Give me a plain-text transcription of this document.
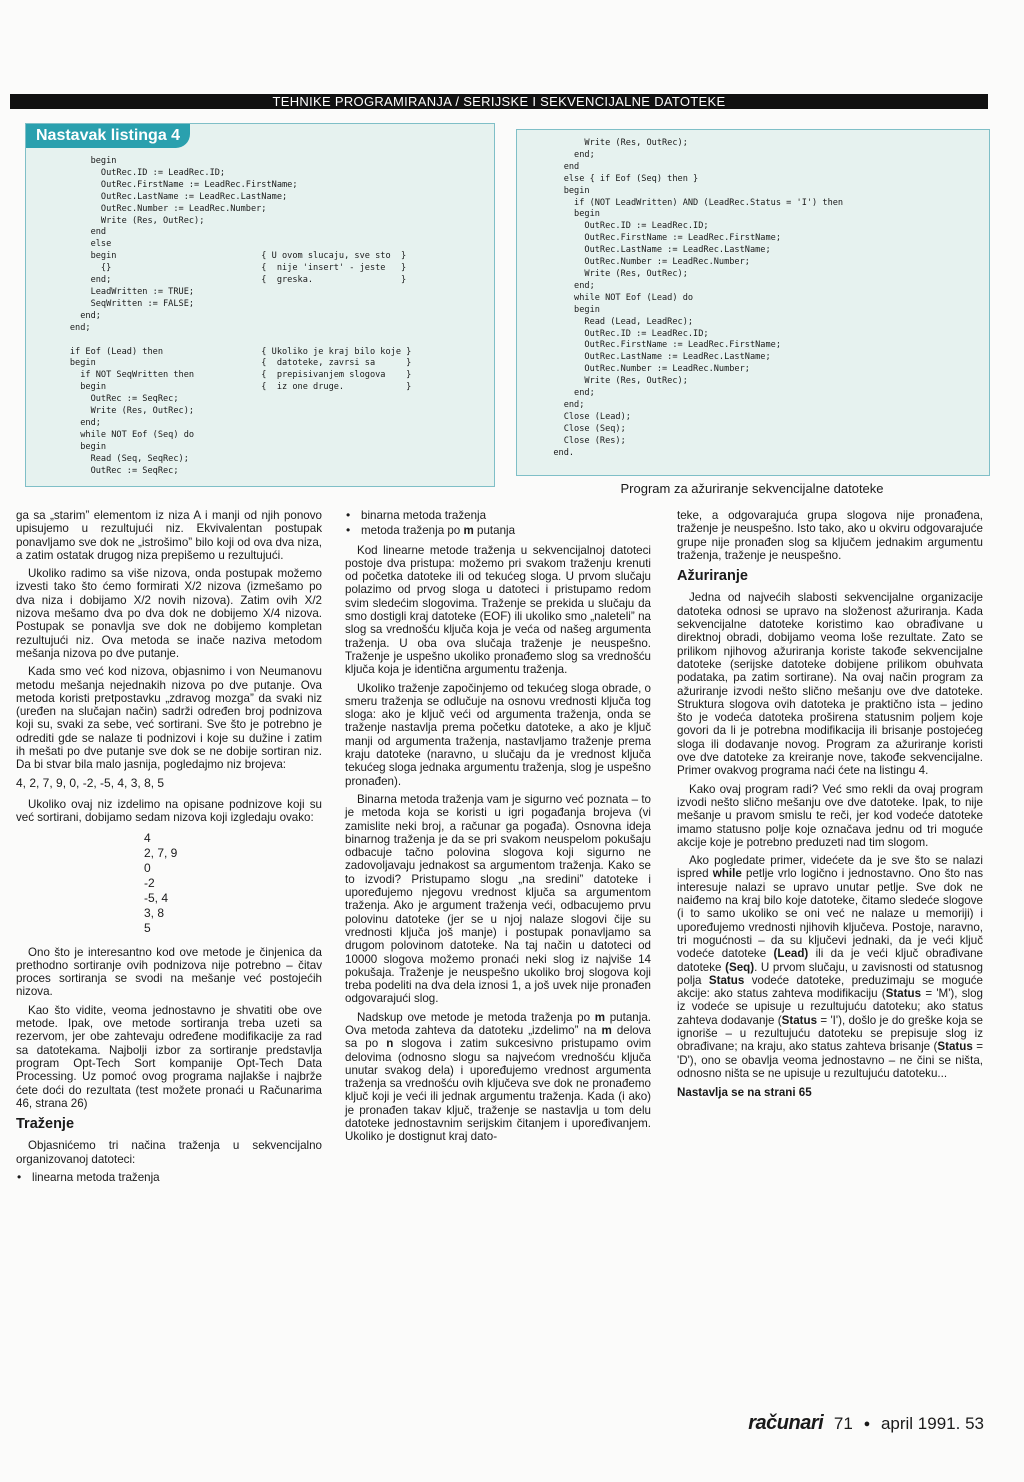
TEHNIKE PROGRAMIRANJA / SERIJSKE I SEKVENCIJALNE DATOTEKE
Nastavak listinga 4
begin
OutRec.ID := LeadRec.ID;
OutRec.FirstName := LeadRec.FirstName;
OutRec.LastName := LeadRec.LastName;
OutRec.Number := LeadRec.Number;
Write (Res, OutRec);
end
else
begin                            { U ovom slucaju, sve sto  }
{}                             {  nije 'insert' - jeste   }
end;                             {  greska.                 }
LeadWritten := TRUE;
SeqWritten := FALSE;
end;
end;

if Eof (Lead) then                   { Ukoliko je kraj bilo koje }
begin                                {  datoteke, zavrsi sa      }
if NOT SeqWritten then             {  prepisivanjem slogova    }
begin                              {  iz one druge.            }
OutRec := SeqRec;
Write (Res, OutRec);
end;
while NOT Eof (Seq) do
begin
Read (Seq, SeqRec);
OutRec := SeqRec;
Write (Res, OutRec);
end;
end
else { if Eof (Seq) then }
begin
if (NOT LeadWritten) AND (LeadRec.Status = 'I') then
begin
OutRec.ID := LeadRec.ID;
OutRec.FirstName := LeadRec.FirstName;
OutRec.LastName := LeadRec.LastName;
OutRec.Number := LeadRec.Number;
Write (Res, OutRec);
end;
while NOT Eof (Lead) do
begin
Read (Lead, LeadRec);
OutRec.ID := LeadRec.ID;
OutRec.FirstName := LeadRec.FirstName;
OutRec.LastName := LeadRec.LastName;
OutRec.Number := LeadRec.Number;
Write (Res, OutRec);
end;
end;
Close (Lead);
Close (Seq);
Close (Res);
end.
Program za ažuriranje sekvencijalne datoteke

ga sa „starim” elementom iz niza A i manji od njih ponovo upisujemo u rezultujući niz. Ekvivalentan postupak ponavljamo sve dok ne „istrošimo” bilo koji od ova dva niza, a zatim ostatak drugog niza prepišemo u rezultujući.

Ukoliko radimo sa više nizova, onda postupak možemo izvesti tako što ćemo formirati X/2 nizova (izmešamo po dva niza i dobijamo X/2 novih nizova). Zatim ovih X/2 nizova mešamo dva po dva dok ne dobijemo X/4 nizova. Postupak se ponavlja sve dok ne dobijemo kompletan rezultujući niz. Ova metoda se inače naziva metodom mešanja nizova po dve putanje.

Kada smo već kod nizova, objasnimo i von Neumanovu metodu mešanja nejednakih nizova po dve putanje. Ova metoda koristi pretpostavku „zdravog mozga” da svaki niz (uređen na slučajan način) sadrži određen broj podnizova koji su, svaki za sebe, već sortirani. Sve što je potrebno je odrediti gde se nalaze ti podnizovi i koje su dužine i zatim ih mešati po dve putanje sve dok se ne dobije sortiran niz. Da bi stvar bila malo jasnija, pogledajmo niz brojeva:

4, 2, 7, 9, 0, -2, -5, 4, 3, 8, 5

Ukoliko ovaj niz izdelimo na opisane podnizove koji su već sortirani, dobijamo sedam nizova koji izgledaju ovako:

4
2, 7, 9
0
-2
-5, 4
3, 8
5

Ono što je interesantno kod ove metode je činjenica da prethodno sortiranje ovih podnizova nije potrebno – čitav proces sortiranja se svodi na mešanje već postojećih nizova.

Kao što vidite, veoma jednostavno je shvatiti obe ove metode. Ipak, ove metode sortiranja treba uzeti sa rezervom, jer obe zahtevaju određene modifikacije za rad sa datotekama. Najbolji izbor za sortiranje predstavlja program Opt-Tech Sort kompanije Opt-Tech Data Processing. Uz pomoć ovog programa najlakše i najbrže ćete doći do rezultata (test možete pronaći u Računarima 46, strana 26)

Traženje

Objasnićemo tri načina traženja u sekvencijalno organizovanoj datoteci:

• linearna metoda traženja
• binarna metoda traženja
• metoda traženja po m putanja

Kod linearne metode traženja u sekvencijalnoj datoteci postoje dva pristupa: možemo pri svakom traženju krenuti od početka datoteke ili od tekućeg sloga. U prvom slučaju polazimo od prvog sloga u datoteci i pristupamo redom svim sledećim slogovima. Traženje se prekida u slučaju da smo dostigli kraj datoteke (EOF) ili ukoliko smo „naleteli” na slog sa vrednošću ključa koja je veća od našeg argumenta traženja. U oba ova slučaja traženje je neuspešno. Traženje je uspešno ukoliko pronađemo slog sa vrednošću ključa koja je identična argumentu traženja.

Ukoliko traženje započinjemo od tekućeg sloga obrade, o smeru traženja se odlučuje na osnovu vrednosti ključa tog sloga: ako je ključ veći od argumenta traženja, onda se traženje nastavlja prema početku datoteke, a ako je ključ manji od argumenta traženja, nastavljamo traženje prema kraju datoteke (naravno, u slučaju da je vrednost ključa tekućeg sloga jednaka argumentu traženja, slog je uspešno pronađen).

Binarna metoda traženja vam je sigurno već poznata – to je metoda koja se koristi u igri pogađanja brojeva (vi zamislite neki broj, a računar ga pogađa). Osnovna ideja binarnog traženja je da se pri svakom neuspelom pokušaju odbacuje tačno polovina slogova koji sigurno ne zadovoljavaju jednakost sa argumentom traženja. Kako se to izvodi? Pristupamo slogu „na sredini” datoteke i upoređujemo njegovu vrednost ključa sa argumentom traženja. Ako je argument traženja veći, odbacujemo prvu polovinu datoteke (jer se u njoj nalaze slogovi čije su vrednosti ključa još manje) i postupak ponavljamo sa drugom polovinom datoteke. Na taj način u datoteci od 10000 slogova možemo pronaći neki slog iz najviše 14 pokušaja. Traženje je neuspešno ukoliko broj slogova koji treba podeliti na dva dela iznosi 1, a još uvek nije pronađen odgovarajući slog.

Nadskup ove metode je metoda traženja po m putanja. Ova metoda zahteva da datoteku „izdelimo” na m delova sa po n slogova i zatim sukcesivno pristupamo ovim delovima (odnosno slogu sa najvećom vrednošću ključa unutar svakog dela) i upoređujemo vrednost argumenta traženja sa vrednošću ovih ključeva sve dok ne pronađemo ključ koji je veći ili jednak argumentu traženja. Kada (i ako) je pronađen takav ključ, traženje se nastavlja u tom delu datoteke jednostavnim serijskim čitanjem i upoređivanjem. Ukoliko je dostignut kraj dato-

teke, a odgovarajuća grupa slogova nije pronađena, traženje je neuspešno. Isto tako, ako u okviru odgovarajuće grupe nije pronađen slog sa ključem jednakim argumentu traženja, traženje je neuspešno.

Ažuriranje

Jedna od najvećih slabosti sekvencijalne organizacije datoteka odnosi se upravo na složenost ažuriranja. Kada sekvencijalne datoteke koristimo kao obrađivane u direktnoj obradi, dobijamo veoma loše rezultate. Zato se prilikom njihovog ažuriranja koriste takođe sekvencijalne datoteke (serijske datoteke dobijene prilikom obuhvata podataka, pa zatim sortirane). Na ovaj način program za ažuriranje izvodi nešto slično mešanju ove dve datoteke. Struktura slogova ovih datoteka je praktično ista – jedino što je vodeća datoteka proširena statusnim poljem koje govori da li je potrebna modifikacija ili brisanje postojećeg sloga ili dodavanje novog. Program za ažuriranje koristi ove dve datoteke za kreiranje nove, takođe sekvencijalne. Primer ovakvog programa naći ćete na listingu 4.

Kako ovaj program radi? Već smo rekli da ovaj program izvodi nešto slično mešanju ove dve datoteke. Ipak, to nije mešanje u pravom smislu te reči, jer kod vodeće datoteke imamo statusno polje koje označava jednu od tri moguće akcije koje je potrebno preduzeti nad tim slogom.

Ako pogledate primer, videćete da je sve što se nalazi ispred while petlje vrlo logično i jednostavno. Ono što nas interesuje nalazi se upravo unutar petlje. Sve dok ne naiđemo na kraj bilo koje datoteke, čitamo sledeće slogove (i to samo ukoliko se oni već ne nalaze u memoriji) i upoređujemo vrednosti njihovih ključeva. Postoje, naravno, tri mogućnosti – da su ključevi jednaki, da je veći ključ vodeće datoteke (Lead) ili da je veći ključ obrađivane datoteke (Seq). U prvom slučaju, u zavisnosti od statusnog polja Status vodeće datoteke, preduzimaju se moguće akcije: ako status zahteva modifikaciju (Status = 'M'), slog iz vodeće se upisuje u rezultujuću datoteku; ako status zahteva dodavanje (Status = 'I'), došlo je do greške koja se ignoriše – u rezultujuću datoteku se prepisuje slog iz obrađivane; na kraju, ako status zahteva brisanje (Status = 'D'), ono se obavlja veoma jednostavno – ne čini se ništa, odnosno ništa se ne upisuje u rezultujuću datoteku...

Nastavlja se na strani 65

računari 71 ● april 1991. 53
